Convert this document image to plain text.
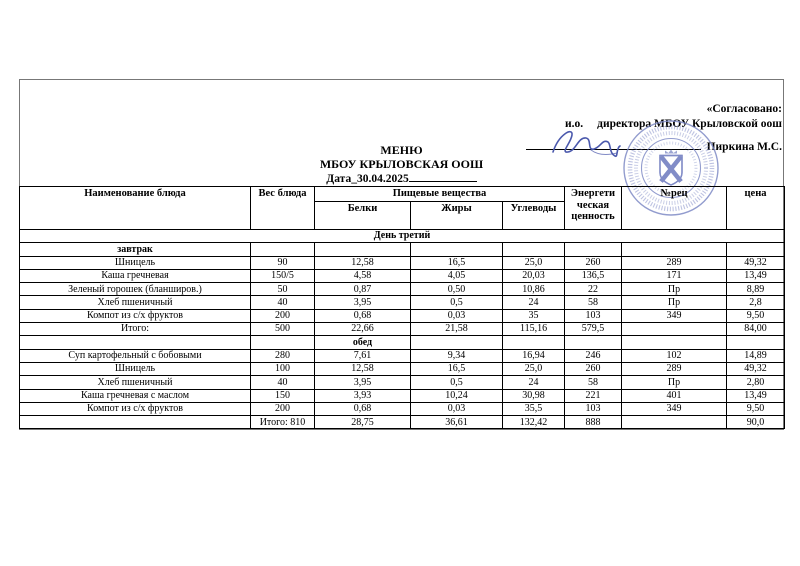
«Согласовано:
и.о. директора МБОУ Крыловской оош
Пиркина М.С.
МЕНЮ
МБОУ КРЫЛОВСКАЯ ООШ
Дата_30.04.2025
Наименование блюда	Вес блюда	Пищевые вещества			Энергети ческая ценность	№рец	цена
		Белки	Жиры	Углеводы			
День третий							
завтрак							
Шницель	90	12,58	16,5	25,0	260	289	49,32
Каша гречневая	150/5	4,58	4,05	20,03	136,5	171	13,49
Зеленый горошек (бланширов.)	50	0,87	0,50	10,86	22	Пр	8,89
Хлеб пшеничный	40	3,95	0,5	24	58	Пр	2,8
Компот из с/х фруктов	200	0,68	0,03	35	103	349	9,50
Итого:	500	22,66	21,58	115,16	579,5		84,00
		обед					
Суп картофельный с бобовыми	280	7,61	9,34	16,94	246	102	14,89
Шницель	100	12,58	16,5	25,0	260	289	49,32
Хлеб пшеничный	40	3,95	0,5	24	58	Пр	2,80
Каша гречневая с маслом	150	3,93	10,24	30,98	221	401	13,49
Компот из с/х фруктов	200	0,68	0,03	35,5	103	349	9,50
	Итого: 810	28,75	36,61	132,42	888		90,0
